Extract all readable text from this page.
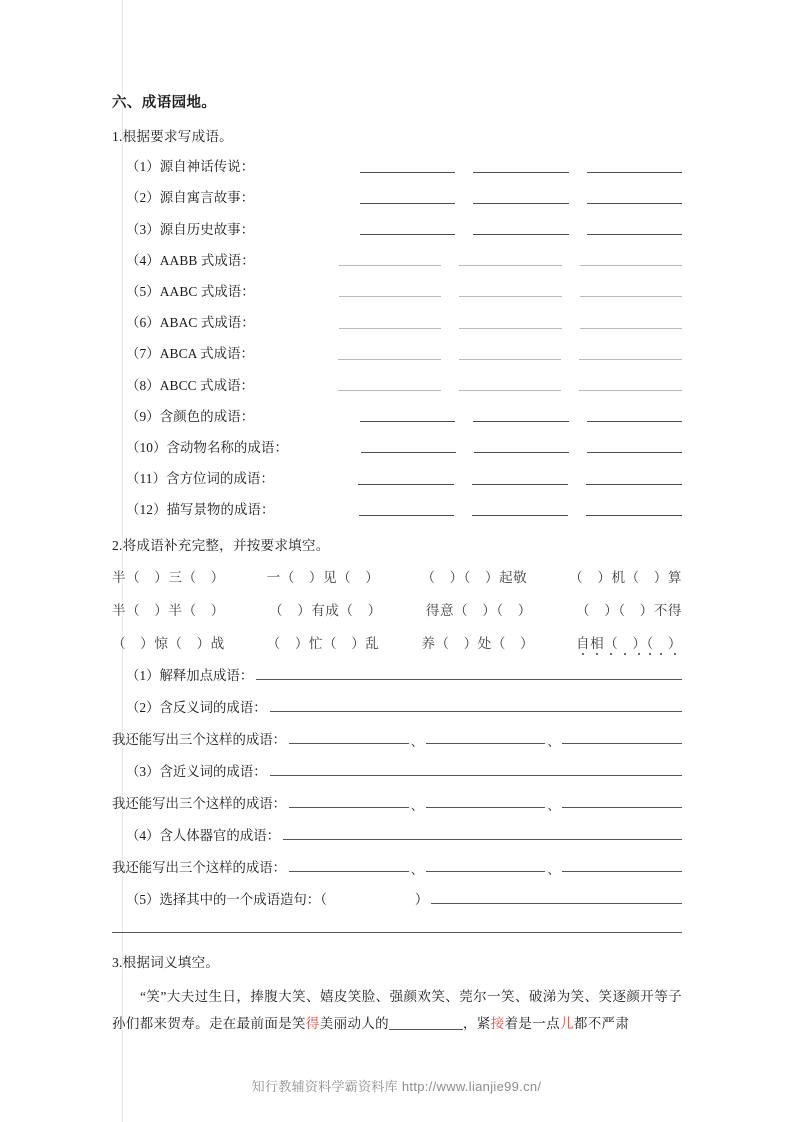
六、成语园地。
1.根据要求写成语。
（1）源自神话传说：
（2）源自寓言故事：
（3）源自历史故事：
（4）AABB 式成语：
（5）AABC 式成语：
（6）ABAC 式成语：
（7）ABCA 式成语：
（8）ABCC 式成语：
（9）含颜色的成语：
（10）含动物名称的成语：
（11）含方位词的成语：
（12）描写景物的成语：
2.将成语补充完整，并按要求填空。
半（　）三（　）	一（　）见（　）	（　）（　）起敬	（　）机（　）算
半（　）半（　）	（　）有成（　）	得意（　）（　）	（　）（　）不得
（　）惊（　）战	（　）忙（　）乱	养（　）处（　）	自相（　 ）（　 ）
（1）解释加点成语：
（2）含反义词的成语：
我还能写出三个这样的成语：	、	、
（3）含近义词的成语：
我还能写出三个这样的成语：	、	、
（4）含人体器官的成语：
我还能写出三个这样的成语：	、	、
（5）选择其中的一个成语造句：（	）
3.根据词义填空。

“笑”大夫过生日，捧腹大笑、嬉皮笑脸、强颜欢笑、莞尔一笑、破涕为笑、笑逐颜开等子孙们都来贺寿。走在最前面是笑得美丽动人的	，紧接着是一点儿都不严肃

知行教辅资料学霸资料库 http://www.lianjie99.cn/
